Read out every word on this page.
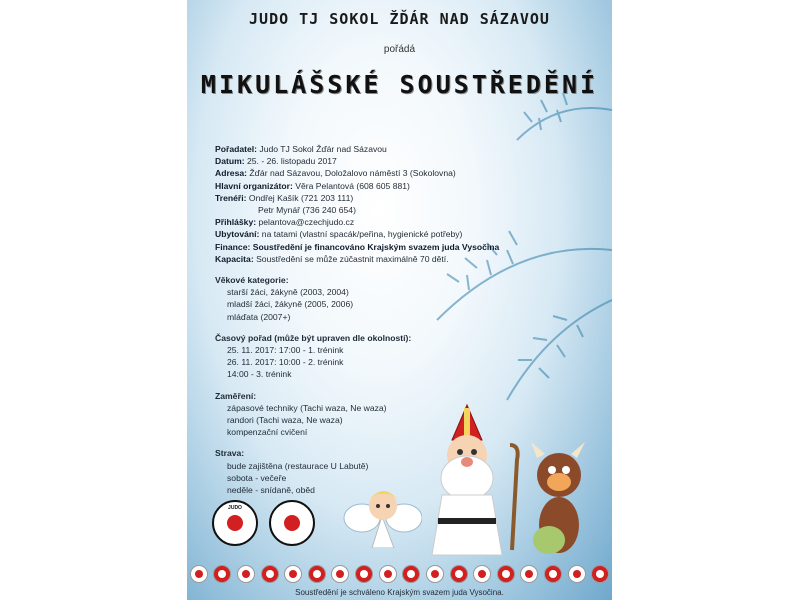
JUDO TJ SOKOL ŽĎÁR NAD SÁZAVOU
pořádá
MIKULÁŠSKÉ SOUSTŘEDĚNÍ
Pořadatel: Judo TJ Sokol Žďár nad Sázavou
Datum: 25. - 26. listopadu 2017
Adresa: Žďár nad Sázavou, Doložalovo náměstí 3 (Sokolovna)
Hlavní organizátor: Věra Pelantová (608 605 881)
Trenéři: Ondřej Kašík (721 203 111)
Petr Mynář (736 240 654)
Přihlášky: pelantova@czechjudo.cz
Ubytování: na tatami (vlastní spacák/peřina, hygienické potřeby)
Finance: Soustředění je financováno Krajským svazem juda Vysočina
Kapacita: Soustředění se může zúčastnit maximálně 70 dětí.
Věkové kategorie:
starší žáci, žákyně (2003, 2004)
mladší žáci, žákyně (2005, 2006)
mláďata (2007+)
Časový pořad (může být upraven dle okolností):
25. 11. 2017: 17:00 - 1. trénink
26. 11. 2017: 10:00 - 2. trénink
14:00 - 3. trénink
Zaměření:
zápasové techniky (Tachi waza, Ne waza)
randori (Tachi waza, Ne waza)
kompenzační cvičení
Strava:
bude zajištěna (restaurace U Labutě)
sobota - večeře
neděle - snídaně, oběd
JUDO
Soustředění je schváleno Krajským svazem juda Vysočina.
